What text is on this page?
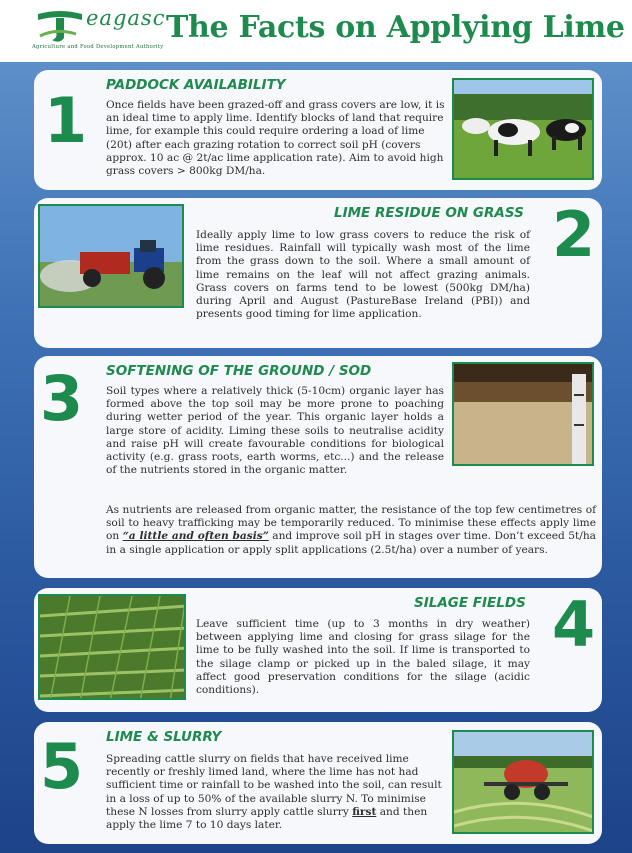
eagasc
Agriculture and Food Development Authority
The Facts on Applying Lime
1 PADDOCK AVAILABILITY
Once fields have been grazed-off and grass covers are low, it is an ideal time to apply lime. Identify blocks of land that require lime, for example this could require ordering a load of lime (20t) after each grazing rotation to correct soil pH (covers approx. 10 ac @ 2t/ac lime application rate). Aim to avoid high grass covers > 800kg DM/ha.
LIME RESIDUE ON GRASS
Ideally apply lime to low grass covers to reduce the risk of lime residues. Rainfall will typically wash most of the lime from the grass down to the soil. Where a small amount of lime remains on the leaf will not affect grazing animals. Grass covers on farms tend to be lowest (500kg DM/ha) during April and August (PastureBase Ireland (PBI)) and presents good timing for lime application.
2
3 SOFTENING OF THE GROUND / SOD
Soil types where a relatively thick (5-10cm) organic layer has formed above the top soil may be more prone to poaching during wetter period of the year. This organic layer holds a large store of acidity. Liming these soils to neutralise acidity and raise pH will create favourable conditions for biological activity (e.g. grass roots, earth worms, etc...) and the release of the nutrients stored in the organic matter.
As nutrients are released from organic matter, the resistance of the top few centimetres of soil to heavy trafficking may be temporarily reduced. To minimise these effects apply lime on “a little and often basis” and improve soil pH in stages over time. Don’t exceed 5t/ha in a single application or apply split applications (2.5t/ha) over a number of years.
SILAGE FIELDS
Leave sufficient time (up to 3 months in dry weather) between applying lime and closing for grass silage for the lime to be fully washed into the soil. If lime is transported to the silage clamp or picked up in the baled silage, it may affect good preservation conditions for the silage (acidic conditions).
4
5 LIME & SLURRY
Spreading cattle slurry on fields that have received lime recently or freshly limed land, where the lime has not had sufficient time or rainfall to be washed into the soil, can result in a loss of up to 50% of the available slurry N. To minimise these N losses from slurry apply cattle slurry first and then apply the lime 7 to 10 days later.
